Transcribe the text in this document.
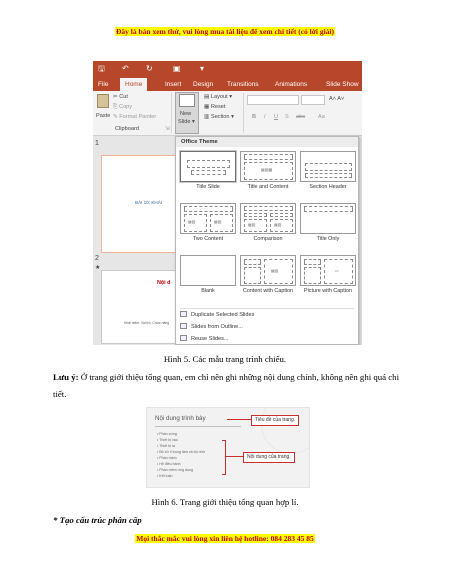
Đây là bản xem thử, vui lòng mua tài liệu để xem chi tiết (có lời giải)
🖫 ↶ ↻	▣ ▾
File	Home	Insert Design Transitions	Animations	Slide Show
Paste
✂ Cut
⎘ Copy
✎ Format Painter
Clipboard	⇲
New
Slide ▾
▤ Layout ▾
▦ Reset
▥ Section ▾
A˄ A˅
B I U S abc Aa
1
BÀI 10: KHÁI
2
★
Nội d
Khái niệm, Vai trò, Chức năng
Office Theme
Title Slide
▦▧▩
Title and Content	Section Header
▦▧	▦▧
Two Content
▦▧	▦▧
Comparison	Title Only
Blank
▦▧
Content with Caption
▭
Picture with Caption
Duplicate Selected Slides
Slides from Outline...
Reuse Slides...
Hình 5. Các mẫu trang trình chiếu.
Lưu ý: Ở trang giới thiệu tổng quan, em chỉ nên ghi những nội dung chính, không nên ghi quá chi tiết.
Nội dung trình bày
• Phần cứng
• Thiết bị vào
• Thiết bị ra
• Bộ xử lí trung tâm và bộ nhớ
• Phần mềm
• Hệ điều hành
• Phần mềm ứng dụng
• Kết luận
Tiêu đề của trang.
Nội dung của trang.
Hình 6. Trang giới thiệu tổng quan hợp lí.
* Tạo cấu trúc phân cấp
Mọi thắc mắc vui lòng xin liên hệ hotline: 084 283 45 85
